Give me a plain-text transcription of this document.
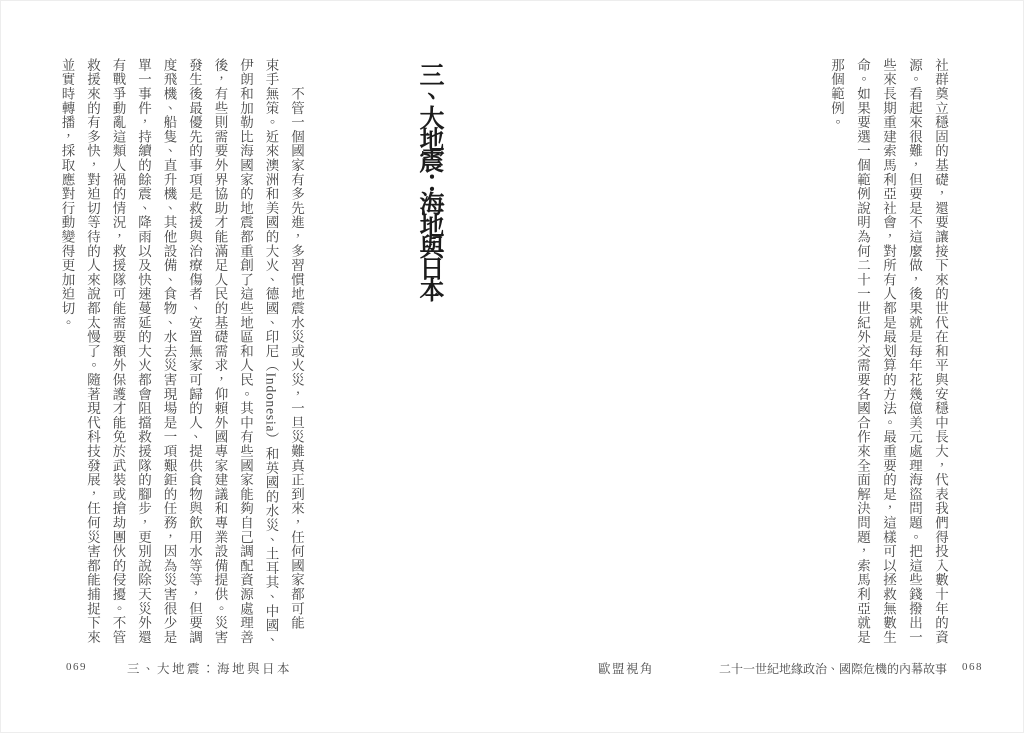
社群奠立穩固的基礎，還要讓接下來的世代在和平與安穩中長大，代表我們得投入數十年的資
源。看起來很難，但要是不這麼做，後果就是每年花幾億美元處理海盜問題。把這些錢撥出一
些來長期重建索馬利亞社會，對所有人都是最划算的方法。最重要的是，這樣可以拯救無數生
命。如果要選一個範例說明為何二十一世紀外交需要各國合作來全面解決問題，索馬利亞就是
那個範例。
歐盟視角	二十一世紀地緣政治、國際危機的內幕故事 068
三、大地震：海地與日本
　　不管一個國家有多先進，多習慣地震水災或火災，一旦災難真正到來，任何國家都可能
束手無策。近來澳洲和美國的大火、德國、印尼（Indonesia）和英國的水災、土耳其、中國、
伊朗和加勒比海國家的地震都重創了這些地區和人民。其中有些國家能夠自己調配資源處理善
後，有些則需要外界協助才能滿足人民的基礎需求，仰賴外國專家建議和專業設備提供。災害
發生後最優先的事項是救援與治療傷者、安置無家可歸的人、提供食物與飲用水等等，但要調
度飛機、船隻、直升機、其他設備、食物、水去災害現場是一項艱鉅的任務，因為災害很少是
單一事件，持續的餘震、降雨以及快速蔓延的大火都會阻擋救援隊的腳步，更別說除天災外還
有戰爭動亂這類人禍的情況，救援隊可能需要額外保護才能免於武裝或搶劫團伙的侵擾。不管
救援來的有多快，對迫切等待的人來說都太慢了。隨著現代科技發展，任何災害都能捕捉下來
並實時轉播，採取應對行動變得更加迫切。
069	三、大地震：海地與日本
